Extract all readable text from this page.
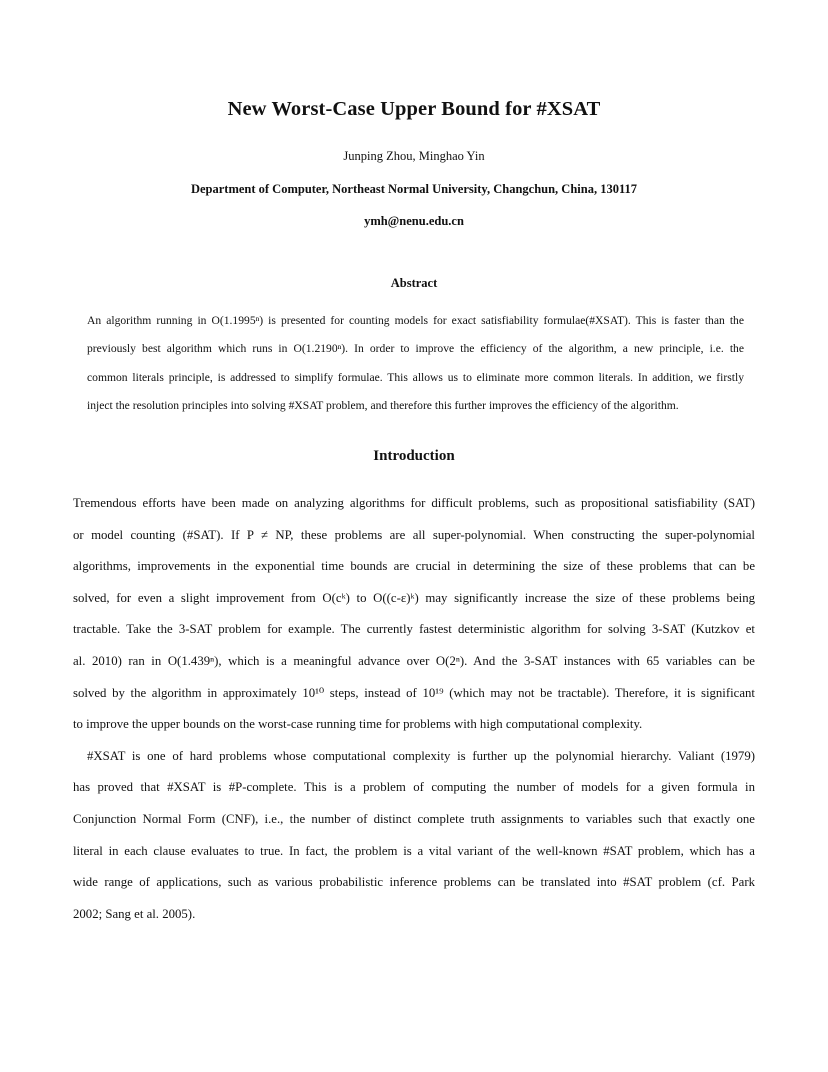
New Worst-Case Upper Bound for #XSAT
Junping Zhou, Minghao Yin
Department of Computer, Northeast Normal University, Changchun, China, 130117
ymh@nenu.edu.cn
Abstract
An algorithm running in O(1.1995ⁿ) is presented for counting models for exact satisfiability formulae(#XSAT). This is faster than the
previously best algorithm which runs in O(1.2190ⁿ). In order to improve the efficiency of the algorithm, a new principle, i.e. the
common literals principle, is addressed to simplify formulae. This allows us to eliminate more common literals. In addition, we firstly
inject the resolution principles into solving #XSAT problem, and therefore this further improves the efficiency of the algorithm.
Introduction
Tremendous efforts have been made on analyzing algorithms for difficult problems, such as propositional satisfiability (SAT)
or model counting (#SAT). If P ≠ NP, these problems are all super-polynomial. When constructing the super-polynomial
algorithms, improvements in the exponential time bounds are crucial in determining the size of these problems that can be
solved, for even a slight improvement from O(cᵏ) to O((c-ε)ᵏ) may significantly increase the size of these problems being
tractable. Take the 3-SAT problem for example. The currently fastest deterministic algorithm for solving 3-SAT (Kutzkov et
al. 2010) ran in O(1.439ⁿ), which is a meaningful advance over O(2ⁿ). And the 3-SAT instances with 65 variables can be
solved by the algorithm in approximately 10¹⁰ steps, instead of 10¹⁹ (which may not be tractable). Therefore, it is significant
to improve the upper bounds on the worst-case running time for problems with high computational complexity.
#XSAT is one of hard problems whose computational complexity is further up the polynomial hierarchy. Valiant (1979)
has proved that #XSAT is #P-complete. This is a problem of computing the number of models for a given formula in
Conjunction Normal Form (CNF), i.e., the number of distinct complete truth assignments to variables such that exactly one
literal in each clause evaluates to true. In fact, the problem is a vital variant of the well-known #SAT problem, which has a
wide range of applications, such as various probabilistic inference problems can be translated into #SAT problem (cf. Park
2002; Sang et al. 2005).
